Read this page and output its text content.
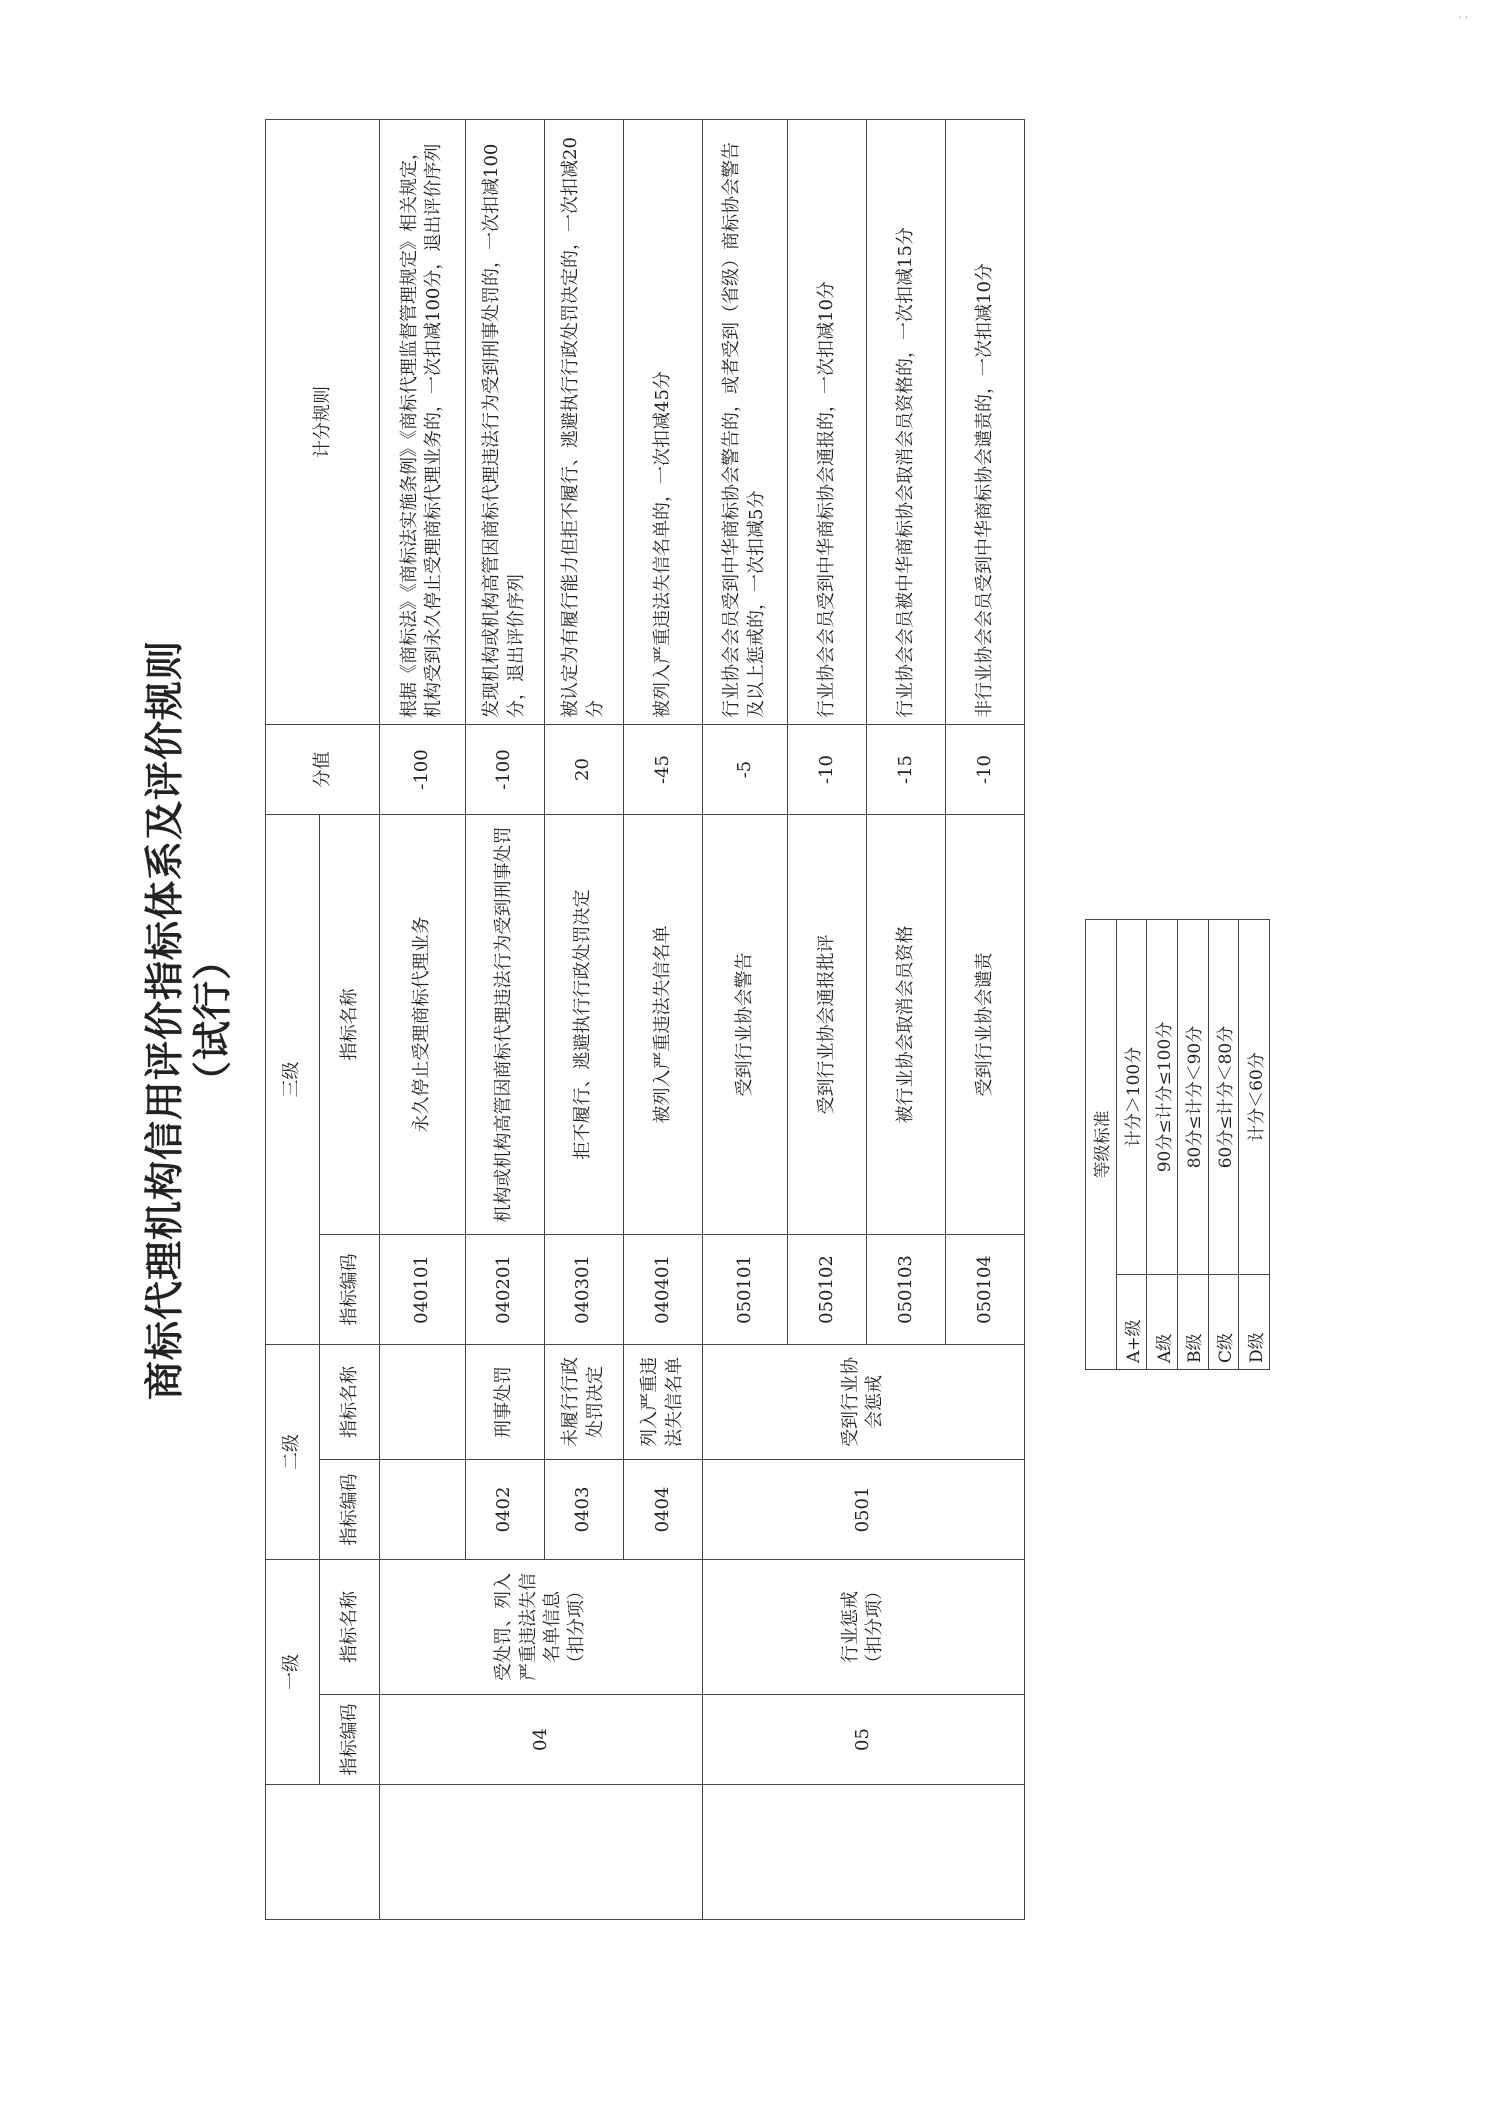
' '
商标代理机构信用评价指标体系及评价规则 （试行）
	一级		二级		三级		分值	计分规则
	指标编码	指标名称	指标编码	指标名称	指标编码	指标名称		
	04	受处罚、列入严重违法失信名单信息
（扣分项）			040101	永久停止受理商标代理业务	-100	根据《商标法》《商标法实施条例》《商标代理监督管理规定》相关规定，机构受到永久停止受理商标代理业务的，一次扣减100分，退出评价序列
			0402	刑事处罚	040201	机构或机构高管因商标代理违法行为受到刑事处罚	-100	发现机构或机构高管因商标代理违法行为受到刑事处罚的，一次扣减100分，退出评价序列
			0403	未履行行政处罚决定	040301	拒不履行、逃避执行行政处罚决定	20	被认定为有履行能力但拒不履行、逃避执行行政处罚决定的，一次扣减20分
			0404	列入严重违法失信名单	040401	被列入严重违法失信名单	-45	被列入严重违法失信名单的，一次扣减45分
	05	行业惩戒
（扣分项）	0501	受到行业协会惩戒	050101	受到行业协会警告	-5	行业协会会员受到中华商标协会警告的，或者受到（省级）商标协会警告及以上惩戒的，一次扣减5分
					050102	受到行业协会通报批评	-10	行业协会会员受到中华商标协会通报的，一次扣减10分
					050103	被行业协会取消会员资格	-15	行业协会会员被中华商标协会取消会员资格的，一次扣减15分
					050104	受到行业协会谴责	-10	非行业协会会员受到中华商标协会谴责的，一次扣减10分
等级标准	
A+级	计分＞100分
A级	90分≤计分≤100分
B级	80分≤计分＜90分
C级	60分≤计分＜80分
D级	计分＜60分
